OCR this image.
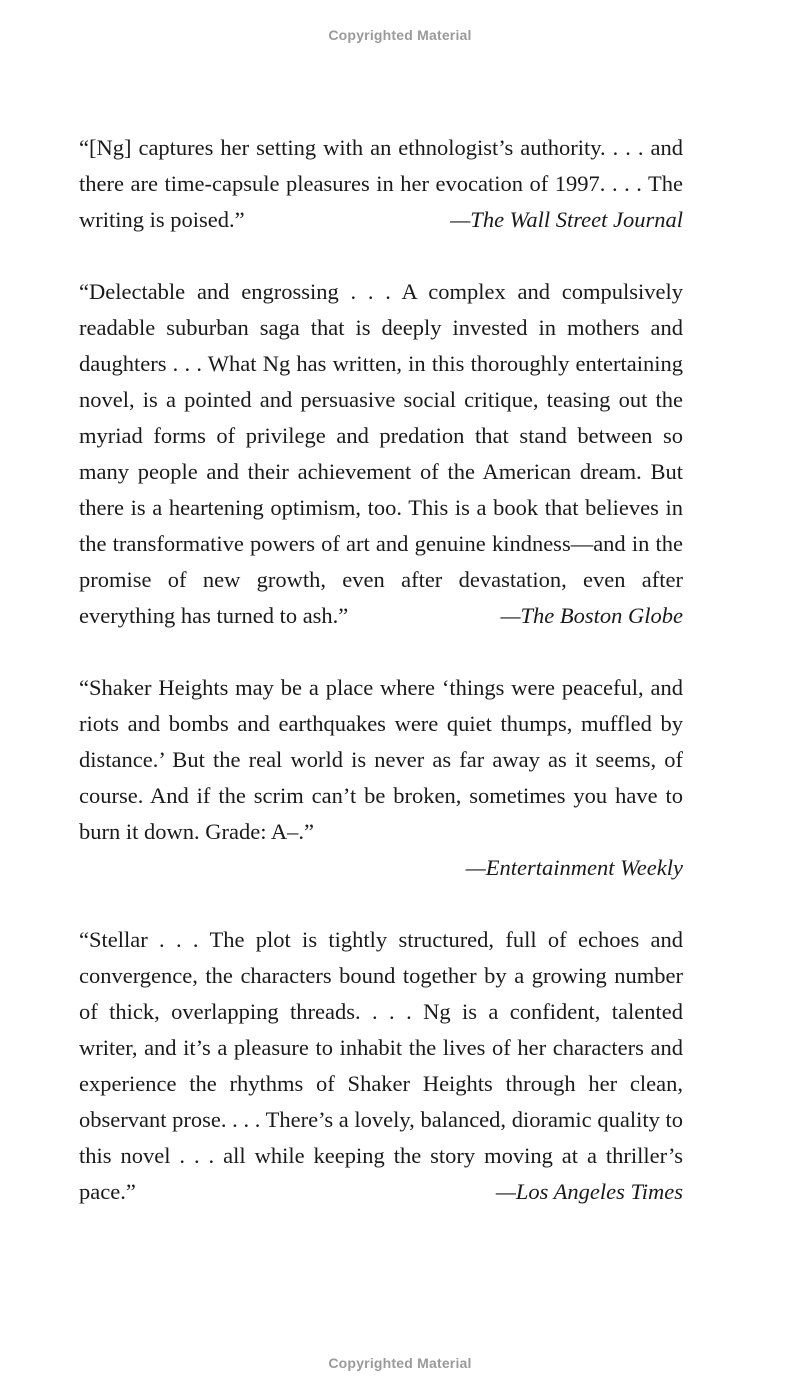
Copyrighted Material

“[Ng] captures her setting with an ethnologist’s authority. . . . and there are time-capsule pleasures in her evocation of 1997. . . . The writing is poised.”	—The Wall Street Journal

“Delectable and engrossing . . . A complex and compulsively readable suburban saga that is deeply invested in mothers and daughters . . . What Ng has written, in this thoroughly entertaining novel, is a pointed and persuasive social critique, teasing out the myriad forms of privilege and predation that stand between so many people and their achievement of the American dream. But there is a heartening optimism, too. This is a book that believes in the transformative powers of art and genuine kindness—and in the promise of new growth, even after devastation, even after everything has turned to ash.”	—The Boston Globe

“Shaker Heights may be a place where ‘things were peaceful, and riots and bombs and earthquakes were quiet thumps, muffled by distance.’ But the real world is never as far away as it seems, of course. And if the scrim can’t be broken, sometimes you have to burn it down. Grade: A–.”
—Entertainment Weekly

“Stellar . . . The plot is tightly structured, full of echoes and convergence, the characters bound together by a growing number of thick, overlapping threads. . . . Ng is a confident, talented writer, and it’s a pleasure to inhabit the lives of her characters and experience the rhythms of Shaker Heights through her clean, observant prose. . . . There’s a lovely, balanced, dioramic quality to this novel . . . all while keeping the story moving at a thriller’s pace.”	—Los Angeles Times

Copyrighted Material
